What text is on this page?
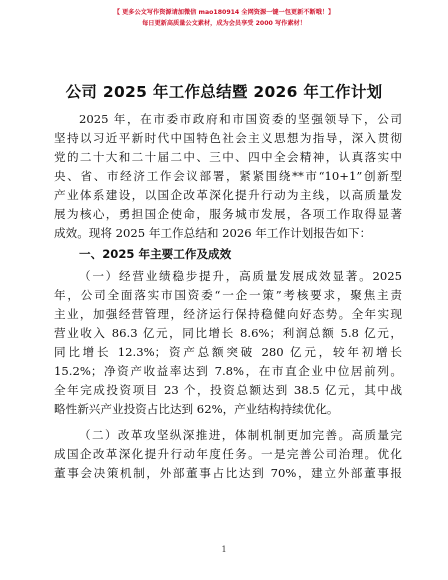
【 更多公文写作资源请加微信 mao180914 全网资源一键一包更新不断哦！】
每日更新高质量公文素材，成为会员享受 2000 写作素材！
公司 2025 年工作总结暨 2026 年工作计划
2025 年，在市委市政府和市国资委的坚强领导下，公司
坚持以习近平新时代中国特色社会主义思想为指导，深入贯彻
党的二十大和二十届二中、三中、四中全会精神，认真落实中
央、省、市经济工作会议部署，紧紧围绕**市“10+1”创新型
产业体系建设，以国企改革深化提升行动为主线，以高质量发
展为核心，勇担国企使命，服务城市发展，各项工作取得显著
成效。现将 2025 年工作总结和 2026 年工作计划报告如下：
一、2025 年主要工作及成效
（一）经营业绩稳步提升，高质量发展成效显著。2025
年，公司全面落实市国资委“一企一策”考核要求，聚焦主责
主业，加强经营管理，经济运行保持稳健向好态势。全年实现
营业收入 86.3 亿元，同比增长 8.6%；利润总额 5.8 亿元，
同比增长 12.3%；资产总额突破 280 亿元，较年初增长
15.2%；净资产收益率达到 7.8%，在市直企业中位居前列。
全年完成投资项目 23 个，投资总额达到 38.5 亿元，其中战
略性新兴产业投资占比达到 62%，产业结构持续优化。
（二）改革攻坚纵深推进，体制机制更加完善。高质量完
成国企改革深化提升行动年度任务。一是完善公司治理。优化
董事会决策机制，外部董事占比达到 70%，建立外部董事报
1
